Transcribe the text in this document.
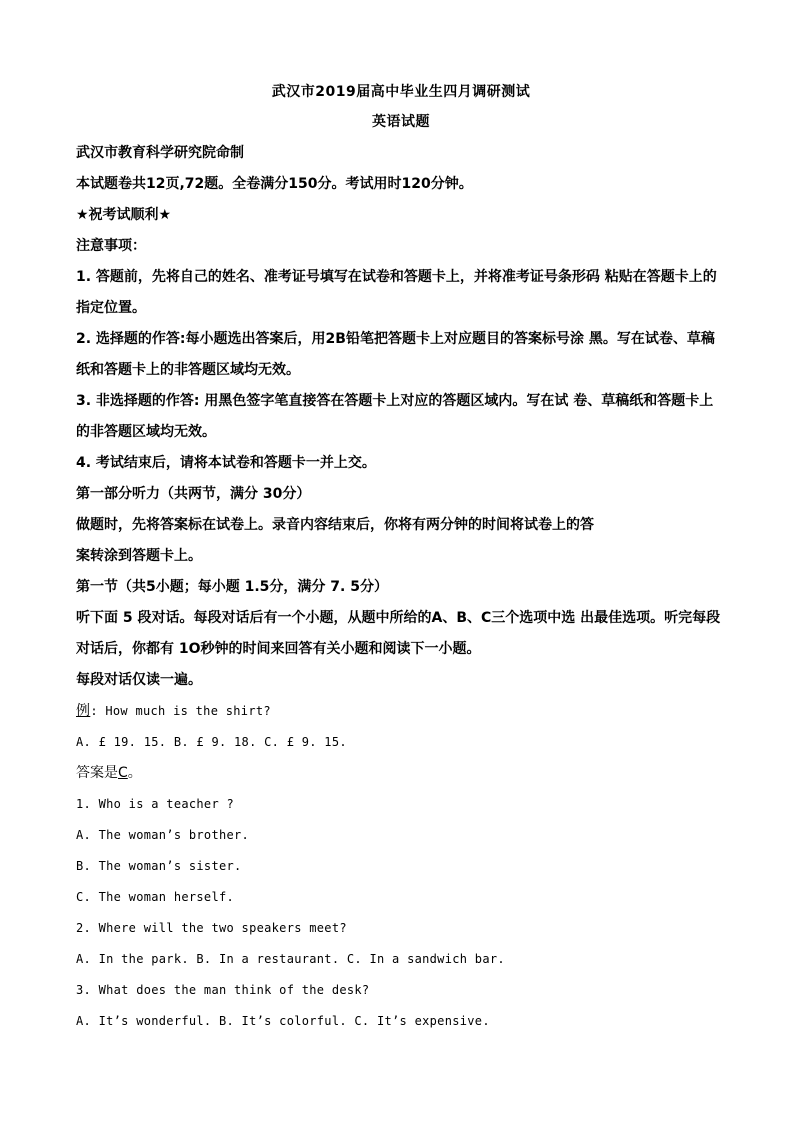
武汉市2019届高中毕业生四月调研测试
英语试题

武汉市教育科学研究院命制

本试题卷共12页,72题。全卷满分150分。考试用时120分钟。

★祝考试顺利★

注意事项：

1. 答题前，先将自己的姓名、准考证号填写在试卷和答题卡上，并将准考证号条形码 粘贴在答题卡上的指定位置。

2. 选择题的作答:每小题选出答案后，用2B铅笔把答题卡上对应题目的答案标号涂 黑。写在试卷、草稿纸和答题卡上的非答题区域均无效。

3. 非选择题的作答: 用黑色签字笔直接答在答题卡上对应的答题区域内。写在试 卷、草稿纸和答题卡上的非答题区域均无效。

4. 考试结束后，请将本试卷和答题卡一并上交。

第一部分听力（共两节，满分 30分）

做题时，先将答案标在试卷上。录音内容结束后，你将有两分钟的时间将试卷上的答

案转涂到答题卡上。

第一节（共5小题；每小题 1.5分，满分 7. 5分）

听下面 5 段对话。每段对话后有一个小题，从题中所给的A、B、C三个选项中选 出最佳选项。听完每段对话后，你都有 1O秒钟的时间来回答有关小题和阅读下一小题。

每段对话仅读一遍。

例: How much is the shirt?

A. £ 19. 15. B. £ 9. 18. C. £ 9. 15.

答案是C。

1. Who is a teacher ?

A. The woman’s brother.

B. The woman’s sister.

C. The woman herself.

2. Where will the two speakers meet?

A. In the park. B. In a restaurant. C. In a sandwich bar.

3. What does the man think of the desk?

A. It’s wonderful. B. It’s colorful. C. It’s expensive.
